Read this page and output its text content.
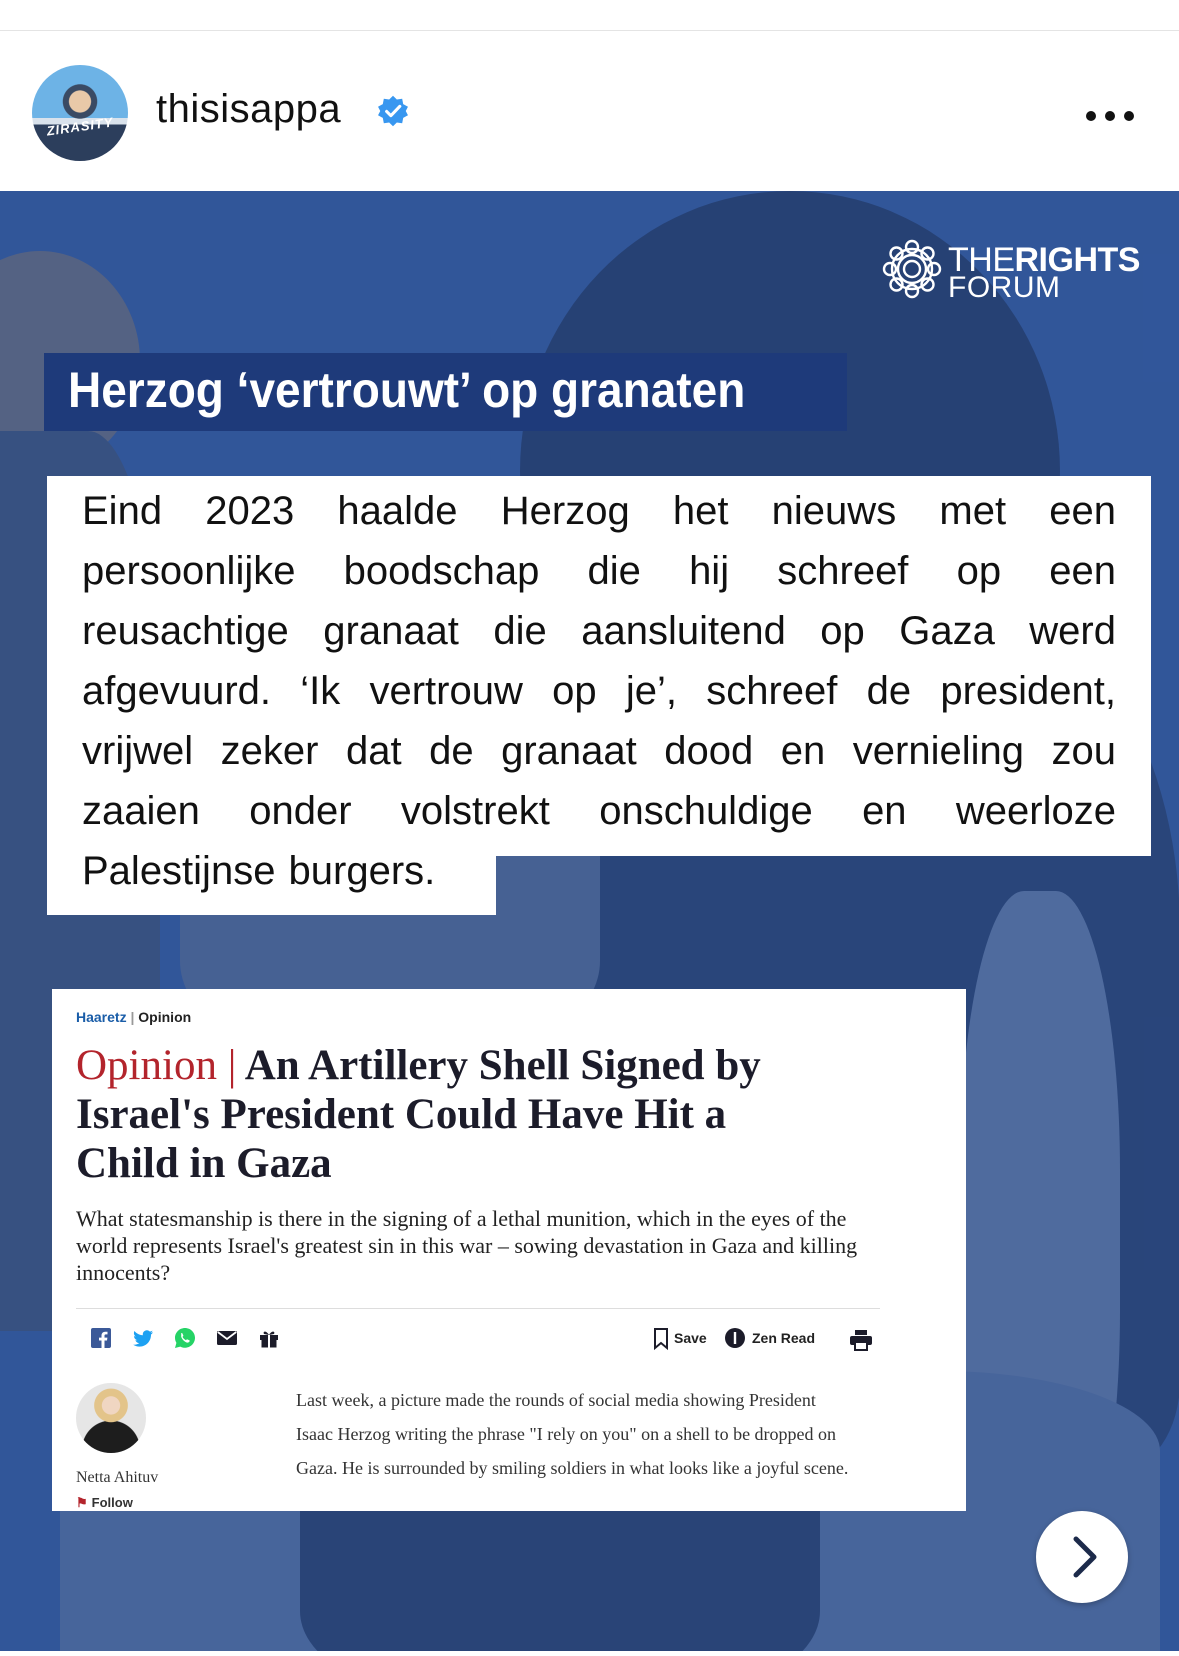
ZIRASITY thisisappa
THERIGHTS
FORUM
Herzog ‘vertrouwt’ op granaten
Eind 2023 haalde Herzog het nieuws met een persoonlijke boodschap die hij schreef op een reusachtige granaat die aansluitend op Gaza werd afgevuurd. ‘Ik vertrouw op je’, schreef de president, vrijwel zeker dat de granaat dood en vernieling zou zaaien onder volstrekt onschuldige en weerloze Palestijnse burgers.
Haaretz | Opinion
Opinion | An Artillery Shell Signed by Israel's President Could Have Hit a Child in Gaza
What statesmanship is there in the signing of a lethal munition, which in the eyes of the world represents Israel's greatest sin in this war – sowing devastation in Gaza and killing innocents?
Save	Zen Read
Netta Ahituv
⚑ Follow
Last week, a picture made the rounds of social media showing President Isaac Herzog writing the phrase "I rely on you" on a shell to be dropped on Gaza. He is surrounded by smiling soldiers in what looks like a joyful scene.
